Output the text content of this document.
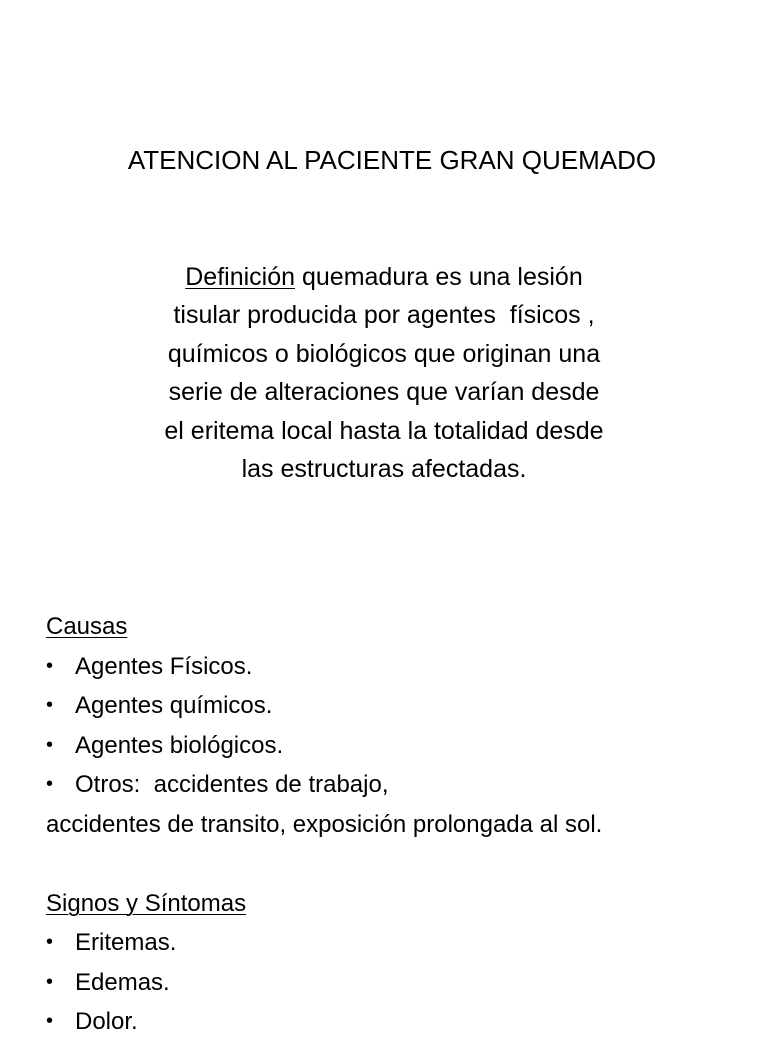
ATENCION AL PACIENTE GRAN QUEMADO
Definición quemadura es una lesión
tisular producida por agentes  físicos ,
químicos o biológicos que originan una
serie de alteraciones que varían desde
el eritema local hasta la totalidad desde
las estructuras afectadas.
Causas
• Agentes Físicos.
• Agentes químicos.
• Agentes biológicos.
• Otros:  accidentes de trabajo,
accidentes de transito, exposición prolongada al sol.
Signos y Síntomas
• Eritemas.
• Edemas.
• Dolor.
